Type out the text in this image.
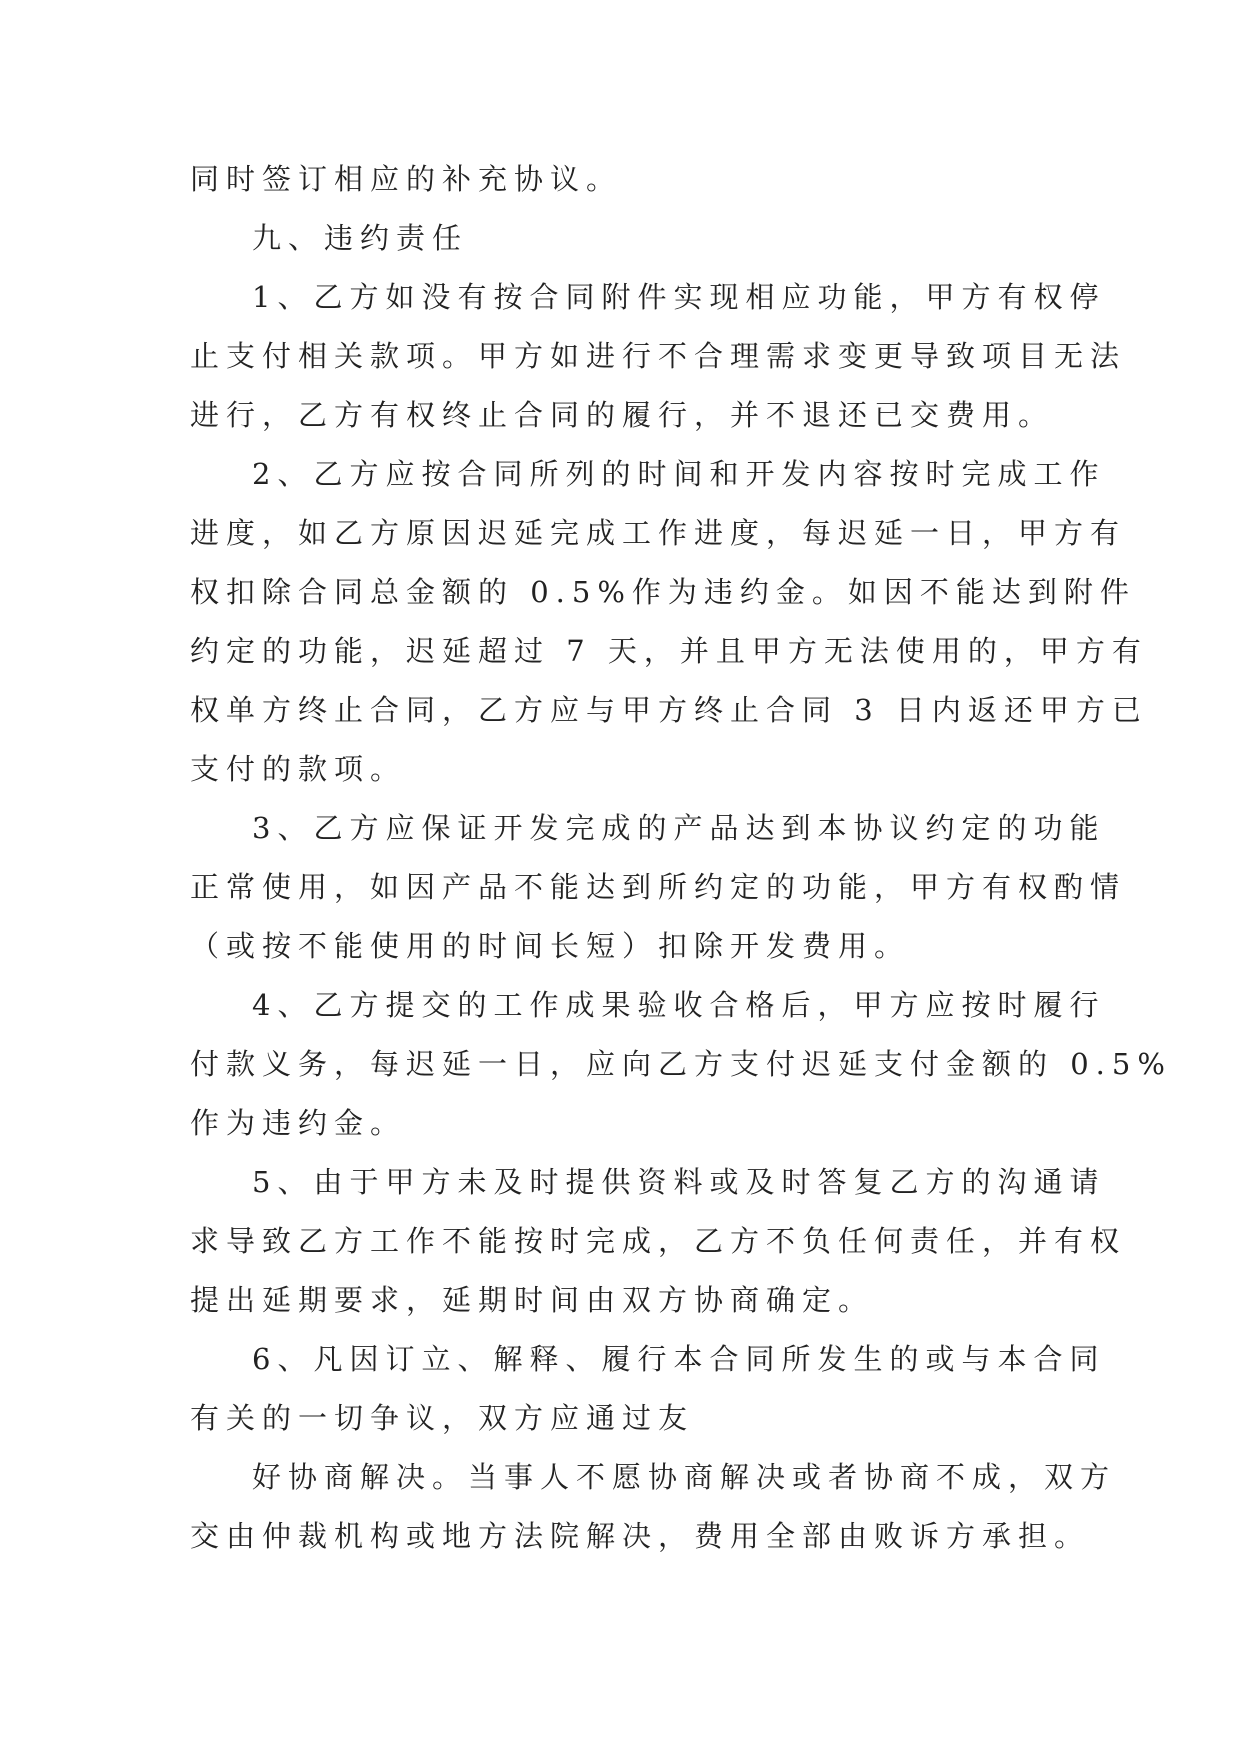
同时签订相应的补充协议。
九、违约责任
1、乙方如没有按合同附件实现相应功能，甲方有权停
止支付相关款项。甲方如进行不合理需求变更导致项目无法
进行，乙方有权终止合同的履行，并不退还已交费用。
2、乙方应按合同所列的时间和开发内容按时完成工作
进度，如乙方原因迟延完成工作进度，每迟延一日，甲方有
权扣除合同总金额的 0.5%作为违约金。如因不能达到附件
约定的功能，迟延超过 7 天，并且甲方无法使用的，甲方有
权单方终止合同，乙方应与甲方终止合同 3 日内返还甲方已
支付的款项。
3、乙方应保证开发完成的产品达到本协议约定的功能
正常使用，如因产品不能达到所约定的功能，甲方有权酌情
（或按不能使用的时间长短）扣除开发费用。
4、乙方提交的工作成果验收合格后，甲方应按时履行
付款义务，每迟延一日，应向乙方支付迟延支付金额的 0.5%
作为违约金。
5、由于甲方未及时提供资料或及时答复乙方的沟通请
求导致乙方工作不能按时完成，乙方不负任何责任，并有权
提出延期要求，延期时间由双方协商确定。
6、凡因订立、解释、履行本合同所发生的或与本合同
有关的一切争议，双方应通过友
好协商解决。当事人不愿协商解决或者协商不成，双方
交由仲裁机构或地方法院解决，费用全部由败诉方承担。
